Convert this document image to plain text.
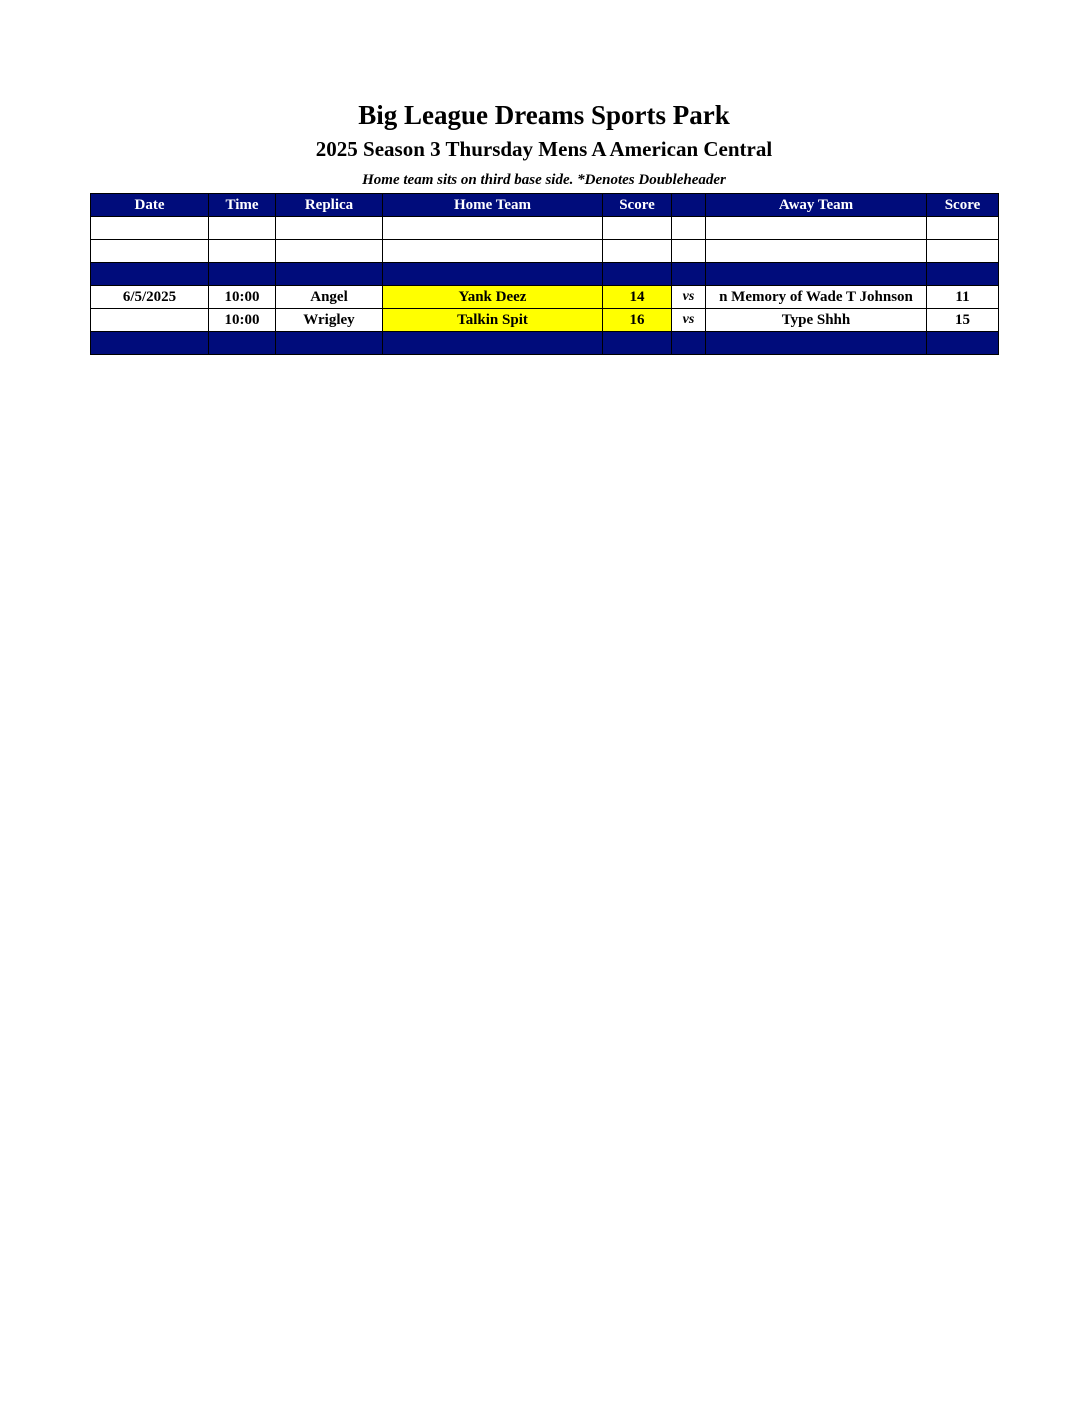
Big League Dreams Sports Park
2025 Season 3 Thursday Mens A American Central
Home team sits on third base side. *Denotes Doubleheader
Date	Time	Replica	Home Team	Score		Away Team	Score

6/5/2025	10:00	Angel	Yank Deez	14	vs	n Memory of Wade T Johnson	11
	10:00	Wrigley	Talkin Spit	16	vs	Type Shhh	15
